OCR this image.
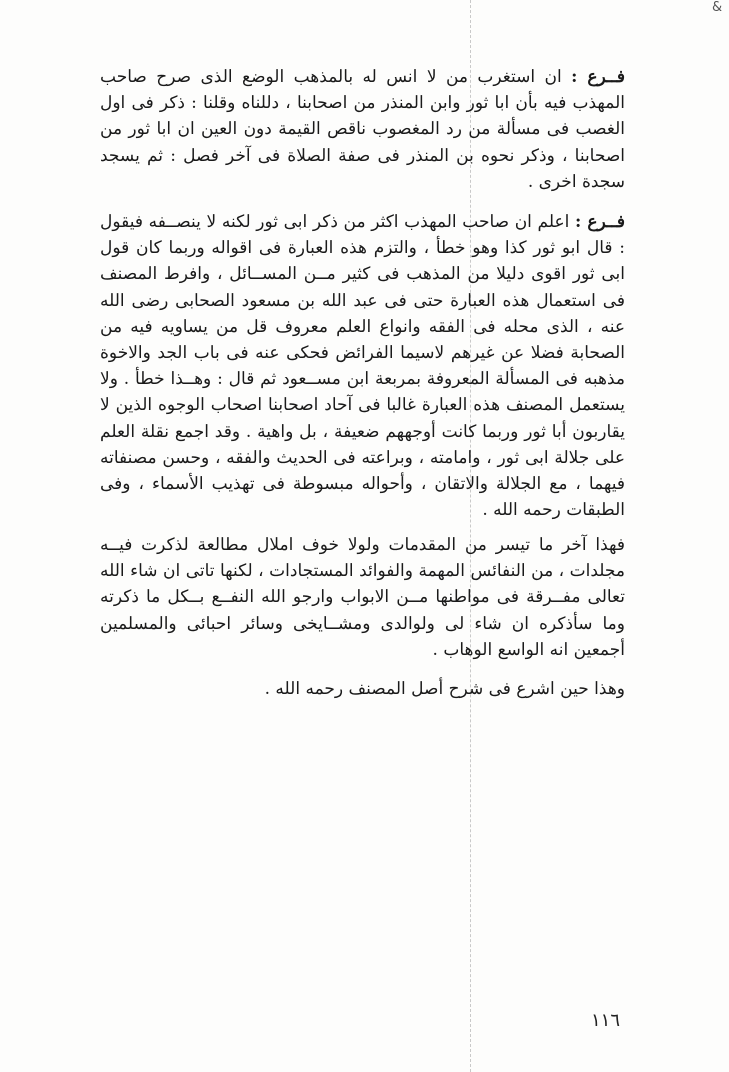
&

فــرع : ان استغرب من لا انس له بالمذهب الوضع الذى صرح صاحب المهذب فيه بأن ابا ثور وابن المنذر من اصحابنا ، دللناه وقلنا : ذكر فى اول الغصب فى مسألة من رد المغصوب ناقص القيمة دون العين ان ابا ثور من اصحابنا ، وذكر نحوه بن المنذر فى صفة الصلاة فى آخر فصل : ثم يسجد سجدة اخرى .

فــرع : اعلم ان صاحب المهذب اكثر من ذكر ابى ثور لكنه لا ينصــفه فيقول : قال ابو ثور كذا وهو خطأ ، والتزم هذه العبارة فى اقواله وربما كان قول ابى ثور اقوى دليلا من المذهب فى كثير مــن المســائل ، وافرط المصنف فى استعمال هذه العبارة حتى فى عبد الله بن مسعود الصحابى رضى الله عنه ، الذى محله فى الفقه وانواع العلم معروف قل من يساويه فيه من الصحابة فضلا عن غيرهم لاسيما الفرائض فحكى عنه فى باب الجد والاخوة مذهبه فى المسألة المعروفة بمربعة ابن مســعود ثم قال : وهــذا خطأ . ولا يستعمل المصنف هذه العبارة غالبا فى آحاد اصحابنا اصحاب الوجوه الذين لا يقاربون أبا ثور وربما كانت أوجههم ضعيفة ، بل واهية . وقد اجمع نقلة العلم على جلالة ابى ثور ، وامامته ، وبراعته فى الحديث والفقه ، وحسن مصنفاته فيهما ، مع الجلالة والاتقان ، وأحواله مبسوطة فى تهذيب الأسماء ، وفى الطبقات رحمه الله .

فهذا آخر ما تيسر من المقدمات ولولا خوف املال مطالعة لذكرت فيــه مجلدات ، من النفائس المهمة والفوائد المستجادات ، لكنها تاتى ان شاء الله تعالى مفــرقة فى مواطنها مــن الابواب وارجو الله النفــع بــكل ما ذكرته وما سأذكره ان شاء لى ولوالدى ومشــايخى وسائر احبائى والمسلمين أجمعين انه الواسع الوهاب .

وهذا حين اشرع فى شرح أصل المصنف رحمه الله .

١١٦
